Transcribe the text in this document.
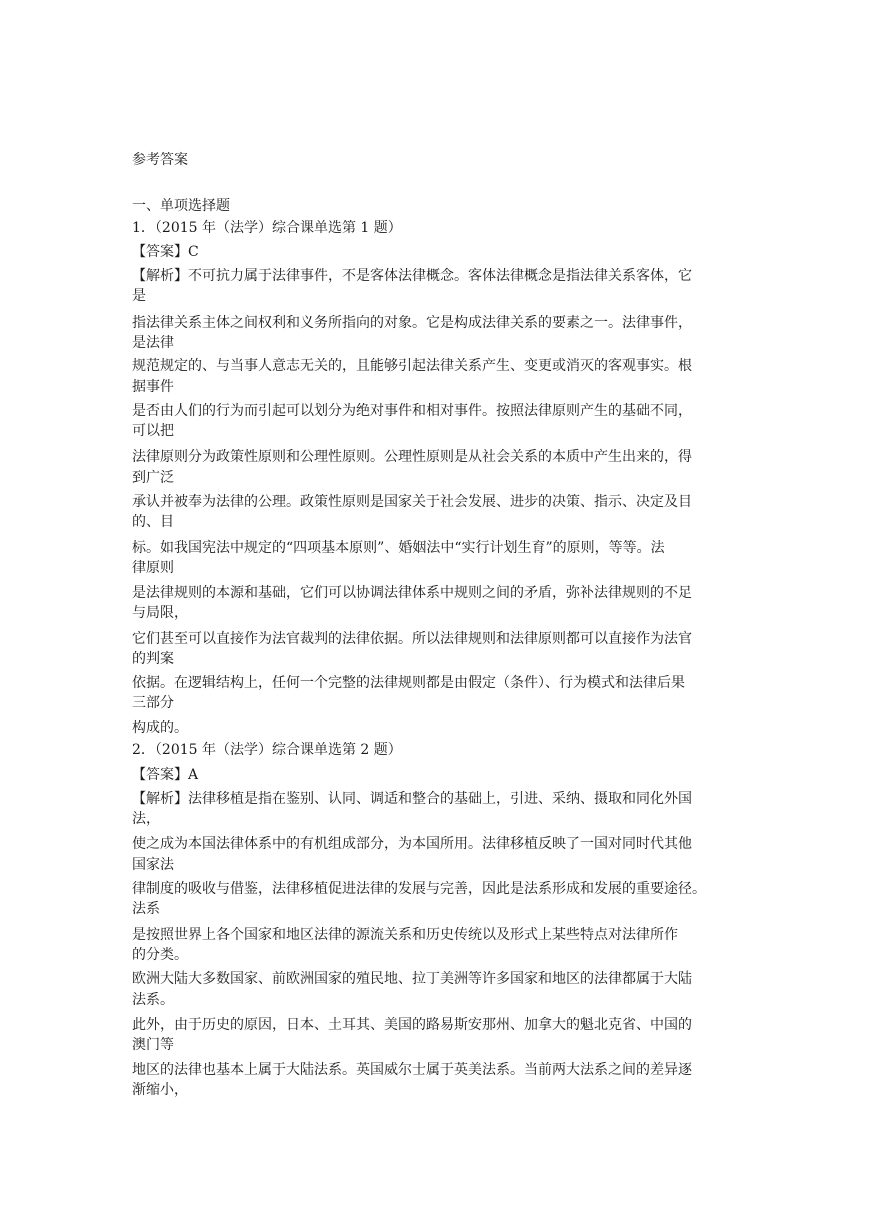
参考答案
一、单项选择题
1．（2015 年（法学）综合课单选第 1 题）
【答案】C
【解析】不可抗力属于法律事件，不是客体法律概念。客体法律概念是指法律关系客体，它
是
指法律关系主体之间权利和义务所指向的对象。它是构成法律关系的要素之一。法律事件，
是法律
规范规定的、与当事人意志无关的，且能够引起法律关系产生、变更或消灭的客观事实。根
据事件
是否由人们的行为而引起可以划分为绝对事件和相对事件。按照法律原则产生的基础不同，
可以把
法律原则分为政策性原则和公理性原则。公理性原则是从社会关系的本质中产生出来的，得
到广泛
承认并被奉为法律的公理。政策性原则是国家关于社会发展、进步的决策、指示、决定及目
的、目
标。如我国宪法中规定的“四项基本原则”、婚姻法中“实行计划生育”的原则，等等。法
律原则
是法律规则的本源和基础，它们可以协调法律体系中规则之间的矛盾，弥补法律规则的不足
与局限，
它们甚至可以直接作为法官裁判的法律依据。所以法律规则和法律原则都可以直接作为法官
的判案
依据。在逻辑结构上，任何一个完整的法律规则都是由假定（条件）、行为模式和法律后果
三部分
构成的。
2．（2015 年（法学）综合课单选第 2 题）
【答案】A
【解析】法律移植是指在鉴别、认同、调适和整合的基础上，引进、采纳、摄取和同化外国
法，
使之成为本国法律体系中的有机组成部分，为本国所用。法律移植反映了一国对同时代其他
国家法
律制度的吸收与借鉴，法律移植促进法律的发展与完善，因此是法系形成和发展的重要途径。
法系
是按照世界上各个国家和地区法律的源流关系和历史传统以及形式上某些特点对法律所作
的分类。
欧洲大陆大多数国家、前欧洲国家的殖民地、拉丁美洲等许多国家和地区的法律都属于大陆
法系。
此外，由于历史的原因，日本、土耳其、美国的路易斯安那州、加拿大的魁北克省、中国的
澳门等
地区的法律也基本上属于大陆法系。英国威尔士属于英美法系。当前两大法系之间的差异逐
渐缩小，
